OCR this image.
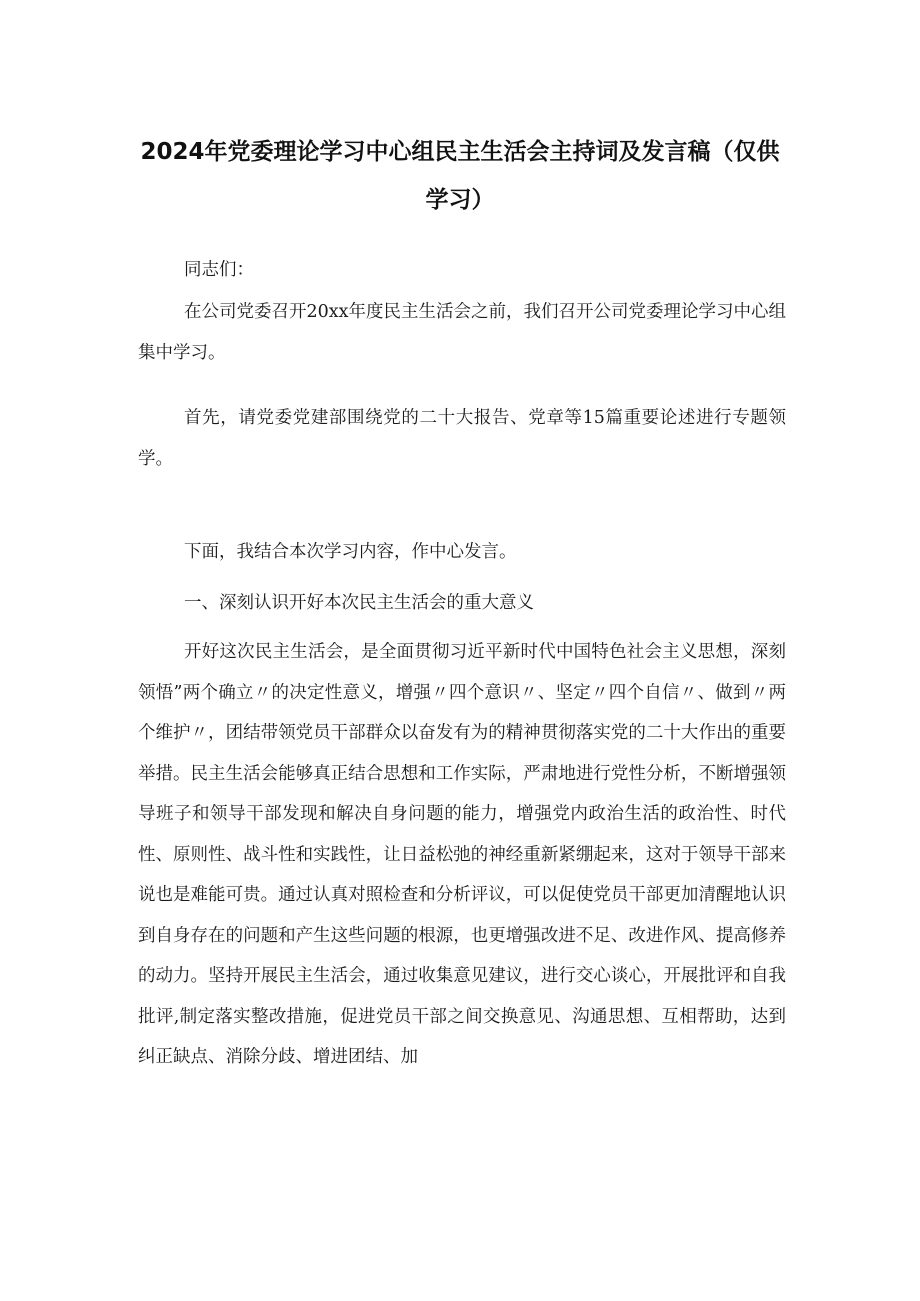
2024年党委理论学习中心组民主生活会主持词及发言稿（仅供学习）
同志们：
在公司党委召开20xx年度民主生活会之前，我们召开公司党委理论学习中心组集中学习。
首先，请党委党建部围绕党的二十大报告、党章等15篇重要论述进行专题领学。
下面，我结合本次学习内容，作中心发言。
一、深刻认识开好本次民主生活会的重大意义
开好这次民主生活会，是全面贯彻习近平新时代中国特色社会主义思想，深刻领悟”两个确立〃的决定性意义，增强〃四个意识〃、坚定〃四个自信〃、做到〃两个维护〃，团结带领党员干部群众以奋发有为的精神贯彻落实党的二十大作出的重要举措。民主生活会能够真正结合思想和工作实际，严肃地进行党性分析，不断增强领导班子和领导干部发现和解决自身问题的能力，增强党内政治生活的政治性、时代性、原则性、战斗性和实践性，让日益松弛的神经重新紧绷起来，这对于领导干部来说也是难能可贵。通过认真对照检查和分析评议，可以促使党员干部更加清醒地认识到自身存在的问题和产生这些问题的根源，也更增强改进不足、改进作风、提高修养的动力。坚持开展民主生活会，通过收集意见建议，进行交心谈心，开展批评和自我批评,制定落实整改措施，促进党员干部之间交换意见、沟通思想、互相帮助，达到纠正缺点、消除分歧、增进团结、加
